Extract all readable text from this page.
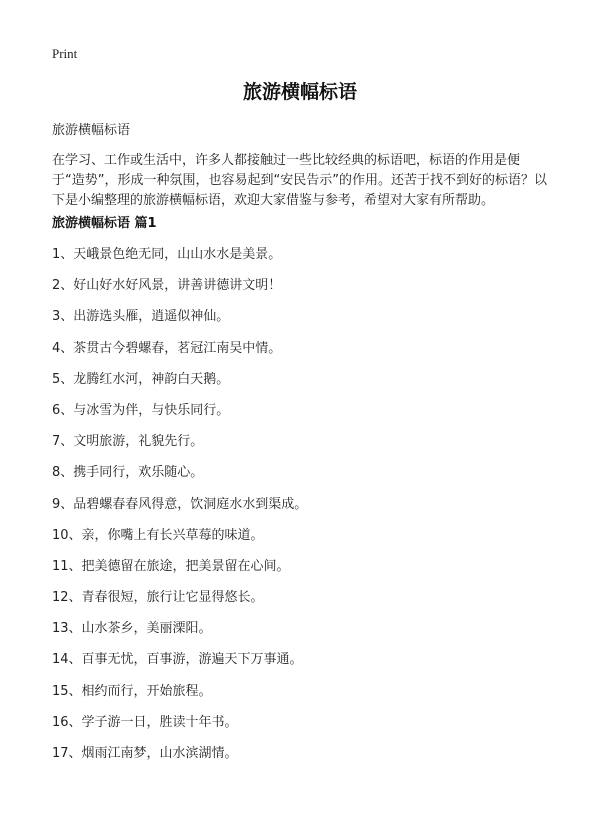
Print
旅游横幅标语
旅游横幅标语

在学习、工作或生活中，许多人都接触过一些比较经典的标语吧，标语的作用是便于“造势”，形成一种氛围，也容易起到“安民告示”的作用。还苦于找不到好的标语？以下是小编整理的旅游横幅标语，欢迎大家借鉴与参考，希望对大家有所帮助。

旅游横幅标语 篇1
1、天峨景色绝无同，山山水水是美景。
2、好山好水好风景，讲善讲德讲文明！
3、出游选头雁，逍遥似神仙。
4、茶贯古今碧螺春，茗冠江南吴中情。
5、龙腾红水河，神韵白天鹅。
6、与冰雪为伴，与快乐同行。
7、文明旅游，礼貌先行。
8、携手同行，欢乐随心。
9、品碧螺春春风得意，饮洞庭水水到渠成。
10、亲，你嘴上有长兴草莓的味道。
11、把美德留在旅途，把美景留在心间。
12、青春很短，旅行让它显得悠长。
13、山水茶乡，美丽溧阳。
14、百事无忧，百事游，游遍天下万事通。
15、相约而行，开始旅程。
16、学子游一日，胜读十年书。
17、烟雨江南梦，山水滨湖情。
